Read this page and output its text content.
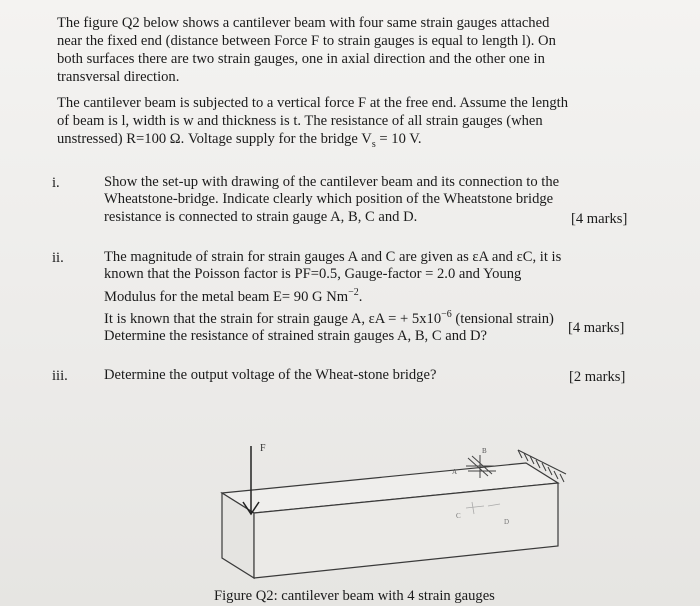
The figure Q2 below shows a cantilever beam with four same strain gauges attached
near the fixed end (distance between Force F to strain gauges is equal to length l). On
both surfaces there are two strain gauges, one in axial direction and the other one in
transversal direction.

The cantilever beam is subjected to a vertical force F at the free end. Assume the length
of beam is l, width is w and thickness is t. The resistance of all strain gauges (when
unstressed) R=100 Ω. Voltage supply for the bridge $V_s = 10$ V.

i.	Show the set-up with drawing of the cantilever beam and its connection to the
Wheatstone-bridge. Indicate clearly which position of the Wheatstone bridge
resistance is connected to strain gauge A, B, C and D.	[4 marks]
ii.	The magnitude of strain for strain gauges A and C are given as εA and εC, it is
known that the Poisson factor is PF=0.5, Gauge-factor = 2.0 and Young
Modulus for the metal beam E= 90 G $Nm^{-2}$.
It is known that the strain for strain gauge A, εA = + $5x10^{-6}$ (tensional strain)
Determine the resistance of strained strain gauges A, B, C and D?

[4 marks]
iii. Determine the output voltage of the Wheat-stone bridge?	[2 marks]
F
A
B
C
D
Figure Q2: cantilever beam with 4 strain gauges
